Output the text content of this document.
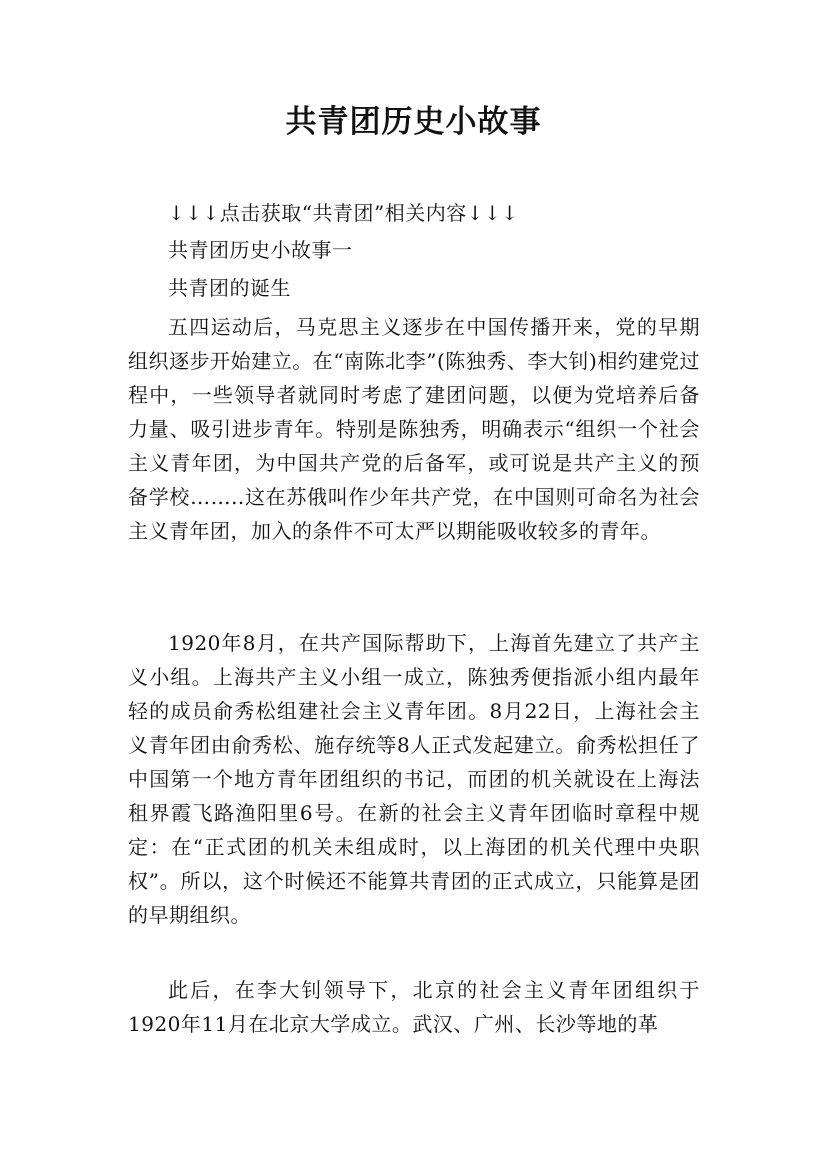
共青团历史小故事
↓↓↓点击获取“共青团”相关内容↓↓↓
共青团历史小故事一
共青团的诞生

五四运动后，马克思主义逐步在中国传播开来，党的早期组织逐步开始建立。在“南陈北李”(陈独秀、李大钊)相约建党过程中，一些领导者就同时考虑了建团问题，以便为党培养后备力量、吸引进步青年。特别是陈独秀，明确表示“组织一个社会主义青年团，为中国共产党的后备军，或可说是共产主义的预备学校……..这在苏俄叫作少年共产党，在中国则可命名为社会主义青年团，加入的条件不可太严以期能吸收较多的青年。

1920年8月，在共产国际帮助下，上海首先建立了共产主义小组。上海共产主义小组一成立，陈独秀便指派小组内最年轻的成员俞秀松组建社会主义青年团。8月22日，上海社会主义青年团由俞秀松、施存统等8人正式发起建立。俞秀松担任了中国第一个地方青年团组织的书记，而团的机关就设在上海法租界霞飞路渔阳里6号。在新的社会主义青年团临时章程中规定：在“正式团的机关未组成时，以上海团的机关代理中央职权”。所以，这个时候还不能算共青团的正式成立，只能算是团的早期组织。

此后，在李大钊领导下，北京的社会主义青年团组织于1920年11月在北京大学成立。武汉、广州、长沙等地的革
